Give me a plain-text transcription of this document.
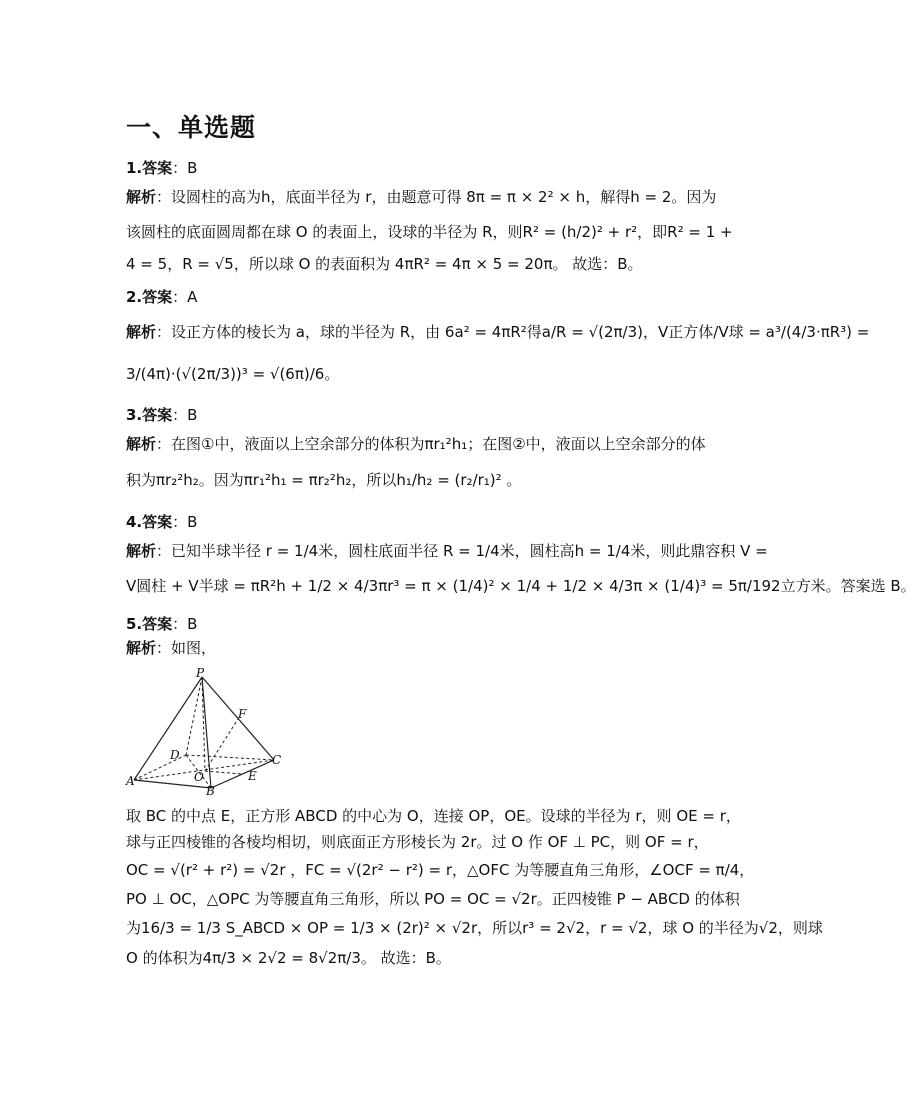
一、单选题
1.答案：B
解析：设圆柱的高为h，底面半径为 r，由题意可得 8π = π × 2² × h，解得h = 2。因为
该圆柱的底面圆周都在球 O 的表面上，设球的半径为 R，则R² = (h/2)² + r²，即R² = 1 +
4 = 5，R = √5，所以球 O 的表面积为 4πR² = 4π × 5 = 20π。 故选：B。
2.答案：A
解析：设正方体的棱长为 a，球的半径为 R，由 6a² = 4πR²得a/R = √(2π/3)，V正方体/V球 = a³/(4/3·πR³) =
3/(4π)·(√(2π/3))³ = √(6π)/6。
3.答案：B
解析：在图①中，液面以上空余部分的体积为πr₁²h₁；在图②中，液面以上空余部分的体
积为πr₂²h₂。因为πr₁²h₁ = πr₂²h₂，所以h₁/h₂ = (r₂/r₁)² 。
4.答案：B
解析：已知半球半径 r = 1/4米，圆柱底面半径 R = 1/4米，圆柱高h = 1/4米，则此鼎容积 V =
V圆柱 + V半球 = πR²h + 1/2 × 4/3πr³ = π × (1/4)² × 1/4 + 1/2 × 4/3π × (1/4)³ = 5π/192立方米。答案选 B。
5.答案：B
解析：如图，
P
F
D	C
A	O	E
B
取 BC 的中点 E，正方形 ABCD 的中心为 O，连接 OP，OE。设球的半径为 r，则 OE = r，
球与正四棱锥的各棱均相切，则底面正方形棱长为 2r。过 O 作 OF ⊥ PC，则 OF = r，
OC = √(r² + r²) = √2r ，FC = √(2r² − r²) = r，△OFC 为等腰直角三角形，∠OCF = π/4，
PO ⊥ OC，△OPC 为等腰直角三角形，所以 PO = OC = √2r。正四棱锥 P − ABCD 的体积
为16/3 = 1/3 S_ABCD × OP = 1/3 × (2r)² × √2r，所以r³ = 2√2，r = √2，球 O 的半径为√2，则球
O 的体积为4π/3 × 2√2 = 8√2π/3。 故选：B。
